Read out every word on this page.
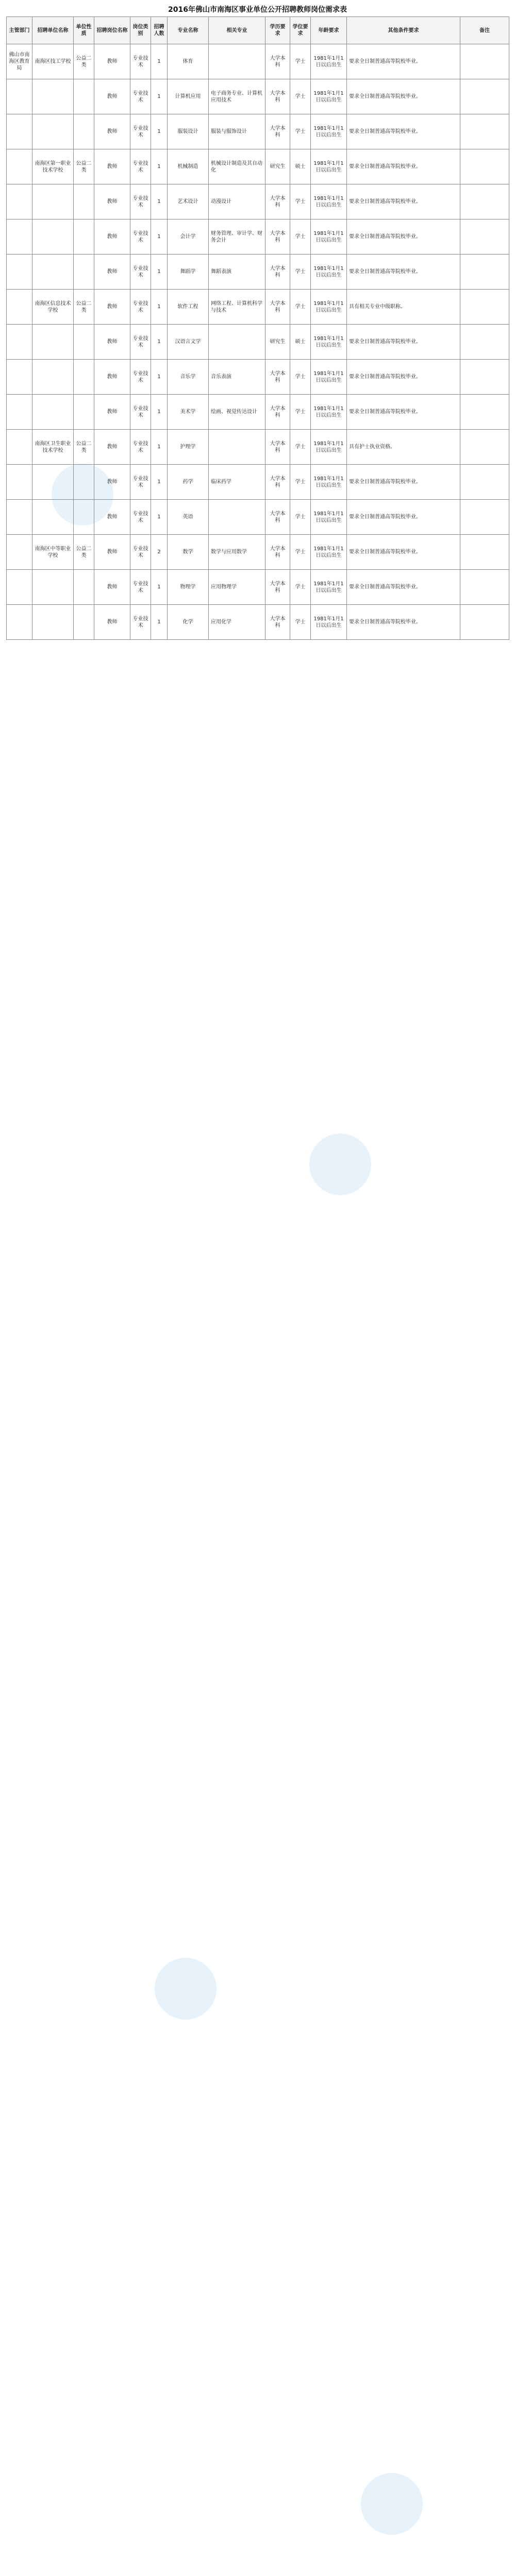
2016年佛山市南海区事业单位公开招聘教师岗位需求表
主管部门	招聘单位名称	单位性质	招聘岗位名称	岗位类别	招聘人数	专业名称	相关专业	学历要求	学位要求	年龄要求	其他条件要求	备注
佛山市南海区教育局	南海区技工学校	公益二类	教师	专业技术	1	体育		大学本科	学士	1981年1月1日以后出生	要求全日制普通高等院校毕业。	
			教师	专业技术	1	计算机应用	电子商务专业、计算机应用技术	大学本科	学士	1981年1月1日以后出生	要求全日制普通高等院校毕业。	
			教师	专业技术	1	服装设计	服装与服饰设计	大学本科	学士	1981年1月1日以后出生	要求全日制普通高等院校毕业。	
	南海区第一职业技术学校	公益二类	教师	专业技术	1	机械制造	机械设计制造及其自动化	研究生	硕士	1981年1月1日以后出生	要求全日制普通高等院校毕业。	
			教师	专业技术	1	艺术设计	动漫设计	大学本科	学士	1981年1月1日以后出生	要求全日制普通高等院校毕业。	
			教师	专业技术	1	会计学	财务管理、审计学、财务会计	大学本科	学士	1981年1月1日以后出生	要求全日制普通高等院校毕业。	
			教师	专业技术	1	舞蹈学	舞蹈表演	大学本科	学士	1981年1月1日以后出生	要求全日制普通高等院校毕业。	
	南海区信息技术学校	公益二类	教师	专业技术	1	软件工程	网络工程、计算机科学与技术	大学本科	学士	1981年1月1日以后出生	具有相关专业中级职称。	
			教师	专业技术	1	汉语言文学		研究生	硕士	1981年1月1日以后出生	要求全日制普通高等院校毕业。	
			教师	专业技术	1	音乐学	音乐表演	大学本科	学士	1981年1月1日以后出生	要求全日制普通高等院校毕业。	
			教师	专业技术	1	美术学	绘画、视觉传达设计	大学本科	学士	1981年1月1日以后出生	要求全日制普通高等院校毕业。	
	南海区卫生职业技术学校	公益二类	教师	专业技术	1	护理学		大学本科	学士	1981年1月1日以后出生	具有护士执业资格。	
			教师	专业技术	1	药学	临床药学	大学本科	学士	1981年1月1日以后出生	要求全日制普通高等院校毕业。	
			教师	专业技术	1	英语		大学本科	学士	1981年1月1日以后出生	要求全日制普通高等院校毕业。	
	南海区中等职业学校	公益二类	教师	专业技术	2	数学	数学与应用数学	大学本科	学士	1981年1月1日以后出生	要求全日制普通高等院校毕业。	
			教师	专业技术	1	物理学	应用物理学	大学本科	学士	1981年1月1日以后出生	要求全日制普通高等院校毕业。	
			教师	专业技术	1	化学	应用化学	大学本科	学士	1981年1月1日以后出生	要求全日制普通高等院校毕业。	
